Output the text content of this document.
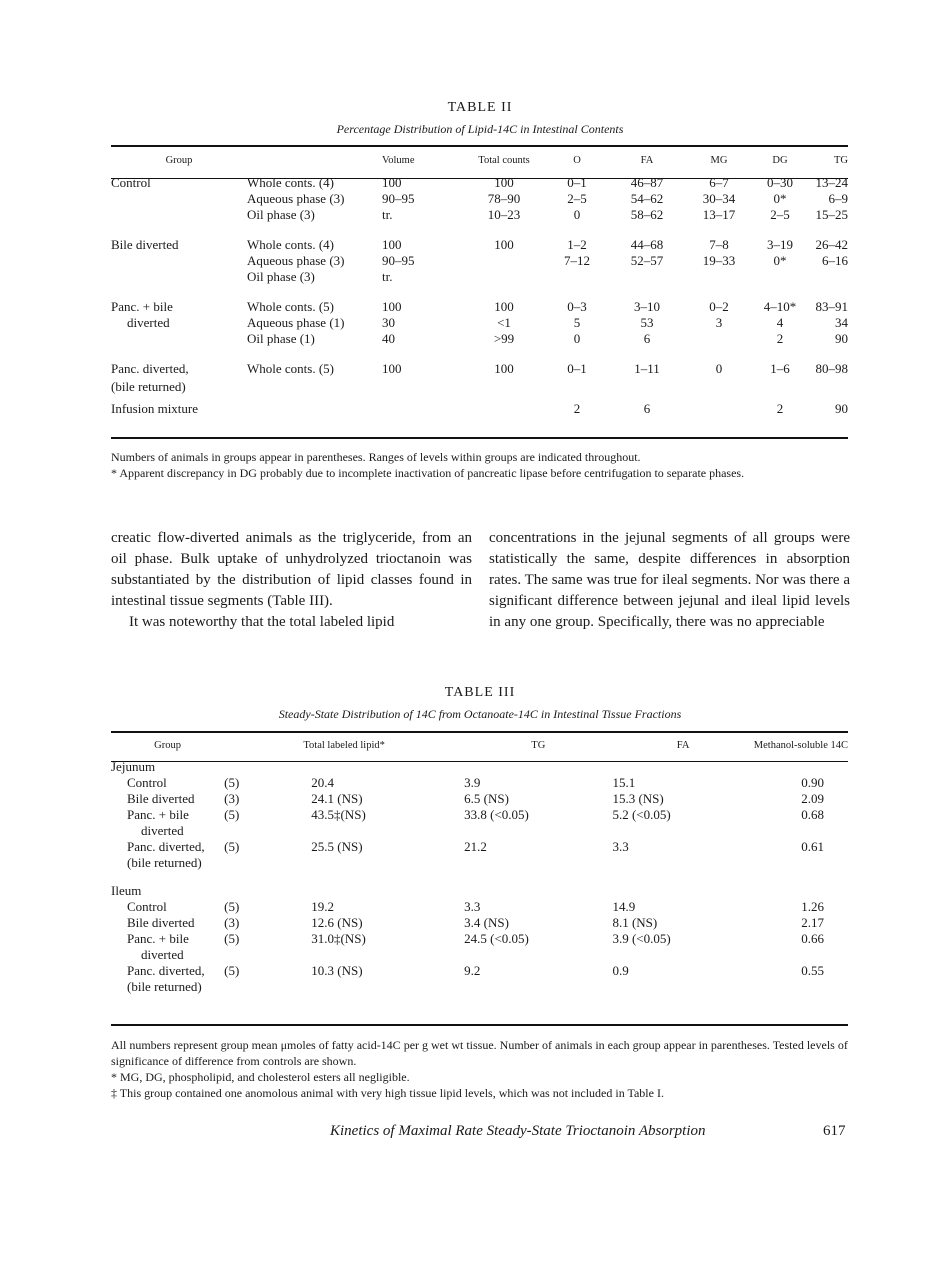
TABLE II
Percentage Distribution of Lipid-14C in Intestinal Contents
Group		Volume	Total counts	O	FA	MG	DG	TG

Control	Whole conts. (4)	100	100	0–1	46–87	6–7	0–30	13–24
	Aqueous phase (3)	90–95	78–90	2–5	54–62	30–34	0*	6–9
	Oil phase (3)	tr.	10–23	0	58–62	13–17	2–5	15–25

Bile diverted	Whole conts. (4)	100	100	1–2	44–68	7–8	3–19	26–42
	Aqueous phase (3)	90–95		7–12	52–57	19–33	0*	6–16
	Oil phase (3)	tr.						

Panc. + bile	Whole conts. (5)	100	100	0–3	3–10	0–2	4–10*	83–91
diverted	Aqueous phase (1)	30	<1	5	53	3	4	34
	Oil phase (1)	40	>99	0	6		2	90

Panc. diverted,	Whole conts. (5)	100	100	0–1	1–11	0	1–6	80–98

(bile returned)								

Infusion mixture				2	6		2	90

Numbers of animals in groups appear in parentheses. Ranges of levels within groups are indicated throughout.

* Apparent discrepancy in DG probably due to incomplete inactivation of pancreatic lipase before centrifugation to separate phases.

creatic flow-diverted animals as the triglyceride, from an oil phase. Bulk uptake of unhydrolyzed trioctanoin was substantiated by the distribution of lipid classes found in intestinal tissue segments (Table III).

It was noteworthy that the total labeled lipid

concentrations in the jejunal segments of all groups were statistically the same, despite differences in absorption rates. The same was true for ileal segments. Nor was there a significant difference between jejunal and ileal lipid levels in any one group. Specifically, there was no appreciable

TABLE III
Steady-State Distribution of 14C from Octanoate-14C in Intestinal Tissue Fractions
Group	Total labeled lipid*		TG	FA	Methanol-soluble 14C

Jejunum					
Control	(5)	20.4	3.9	15.1	0.90
Bile diverted	(3)	24.1 (NS)	6.5 (NS)	15.3 (NS)	2.09
Panc. + bile	(5)	43.5‡(NS)	33.8 (<0.05)	5.2 (<0.05)	0.68
diverted					
Panc. diverted,	(5)	25.5 (NS)	21.2	3.3	0.61
(bile returned)					

Ileum					
Control	(5)	19.2	3.3	14.9	1.26
Bile diverted	(3)	12.6 (NS)	3.4 (NS)	8.1 (NS)	2.17
Panc. + bile	(5)	31.0‡(NS)	24.5 (<0.05)	3.9 (<0.05)	0.66
diverted					
Panc. diverted,	(5)	10.3 (NS)	9.2	0.9	0.55
(bile returned)					

All numbers represent group mean μmoles of fatty acid-14C per g wet wt tissue. Number of animals in each group appear in parentheses. Tested levels of significance of difference from controls are shown.

* MG, DG, phospholipid, and cholesterol esters all negligible.

‡ This group contained one anomolous animal with very high tissue lipid levels, which was not included in Table I.

Kinetics of Maximal Rate Steady-State Trioctanoin Absorption	617
